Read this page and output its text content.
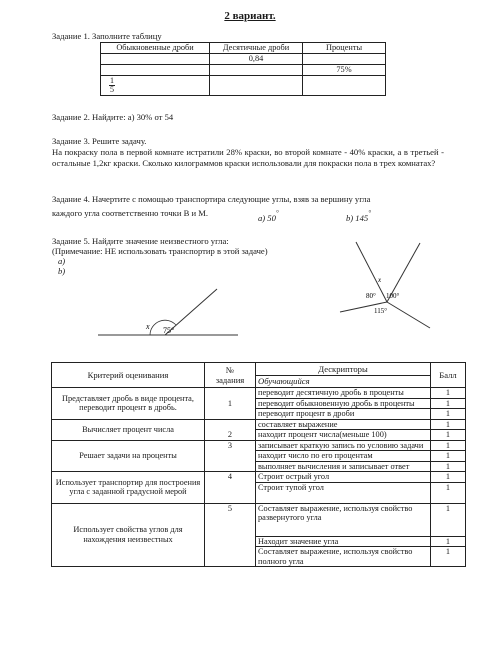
2 вариант.
Задание 1. Заполните таблицу
Обыкновенные дроби	Десятичные дроби	Проценты
	0,84	
		75%

$\frac{1}{5}$		
Задание 2. Найдите: а) 30% от 54
Задание 3. Решите задачу.
На покраску пола в первой комнате истратили 28% краски, во второй комнате - 40% краски, а в третьей - остальные 1,2кг краски. Сколько килограммов краски использовали для покраски пола в трех комнатах?
Задание 4. Начертите с помощью транспортира следующие углы, взяв за вершину угла
каждого угла соответственно точки В и М.	а) 50°	b) 145°
Задание 5. Найдите значение неизвестного угла:
(Примечание: НЕ использовать транспортир в этой задаче)
а)
b)
x 75°
x
80° 100°
115°
Критерий оценивания	№
задания	Дескрипторы	Балл
		Обучающийся	
Представляет дробь в виде процента, переводит процент в дробь.	1	переводит десятичную дробь в проценты	1
		переводит обыкновенную дробь в проценты	1
		переводит процент в дроби	1
Вычисляет процент числа	2	составляет выражение	1
		находит процент числа(меньше 100)	1
Решает задачи на проценты	3	записывает краткую запись по условию задачи	1
		находит число по его процентам	1
		выполняет вычисления и записывает ответ	1
Использует транспортир для построения угла с заданной градусной мерой	4	Строит острый угол	1
		Строит тупой угол	1
Использует свойства углов для нахождения неизвестных	5	Составляет выражение, используя свойство развернутого угла	1
		Находит значение угла	1
		Составляет выражение, используя свойство полного угла	1
